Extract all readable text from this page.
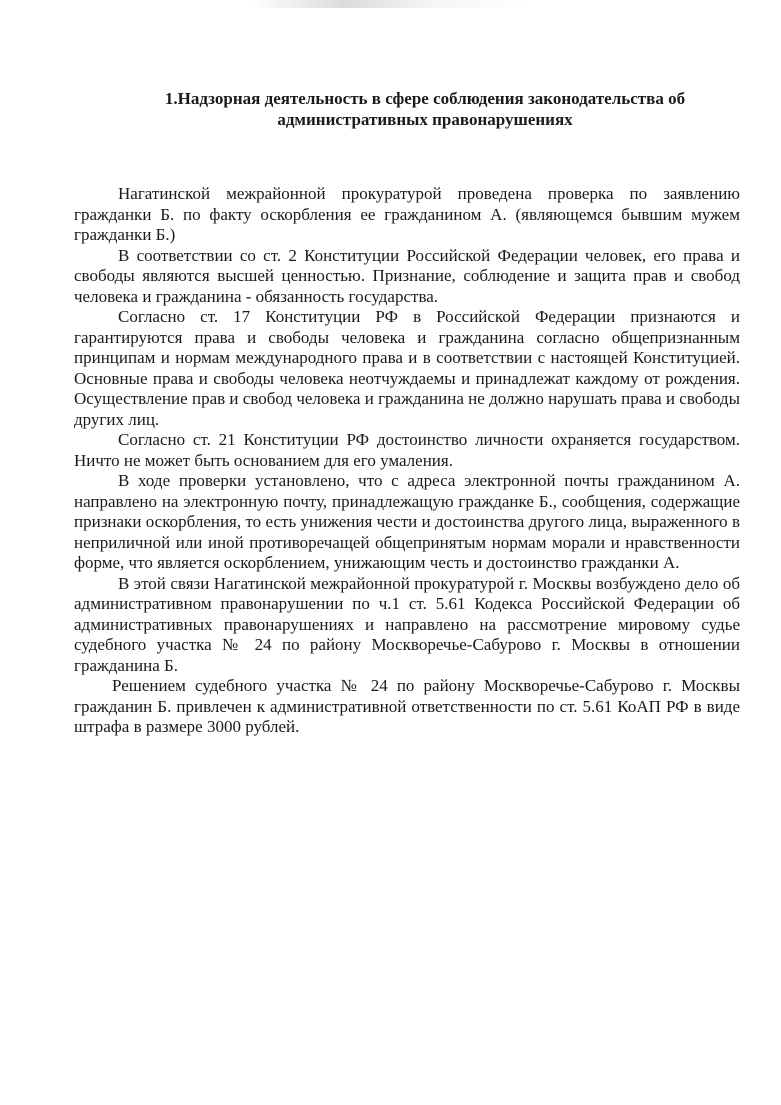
1.Надзорная деятельность в сфере соблюдения законодательства об административных правонарушениях

Нагатинской межрайонной прокуратурой проведена проверка по заявлению гражданки Б. по факту оскорбления ее гражданином А. (являющемся бывшим мужем гражданки Б.)

В соответствии со ст. 2 Конституции Российской Федерации человек, его права и свободы являются высшей ценностью. Признание, соблюдение и защита прав и свобод человека и гражданина - обязанность государства.

Согласно ст. 17 Конституции РФ в Российской Федерации признаются и гарантируются права и свободы человека и гражданина согласно общепризнанным принципам и нормам международного права и в соответствии с настоящей Конституцией. Основные права и свободы человека неотчуждаемы и принадлежат каждому от рождения. Осуществление прав и свобод человека и гражданина не должно нарушать права и свободы других лиц.

Согласно ст. 21 Конституции РФ достоинство личности охраняется государством. Ничто не может быть основанием для его умаления.

В ходе проверки установлено, что с адреса электронной почты гражданином А. направлено на электронную почту, принадлежащую гражданке Б., сообщения, содержащие признаки оскорбления, то есть унижения чести и достоинства другого лица, выраженного в неприличной или иной противоречащей общепринятым нормам морали и нравственности форме, что является оскорблением, унижающим честь и достоинство гражданки А.

В этой связи Нагатинской межрайонной прокуратурой г. Москвы возбуждено дело об административном правонарушении по ч.1 ст. 5.61 Кодекса Российской Федерации об административных правонарушениях и направлено на рассмотрение мировому судье судебного участка № 24 по району Москворечье-Сабурово г. Москвы в отношении гражданина Б.

Решением судебного участка № 24 по району Москворечье-Сабурово г. Москвы гражданин Б. привлечен к административной ответственности по ст. 5.61 КоАП РФ в виде штрафа в размере 3000 рублей.
